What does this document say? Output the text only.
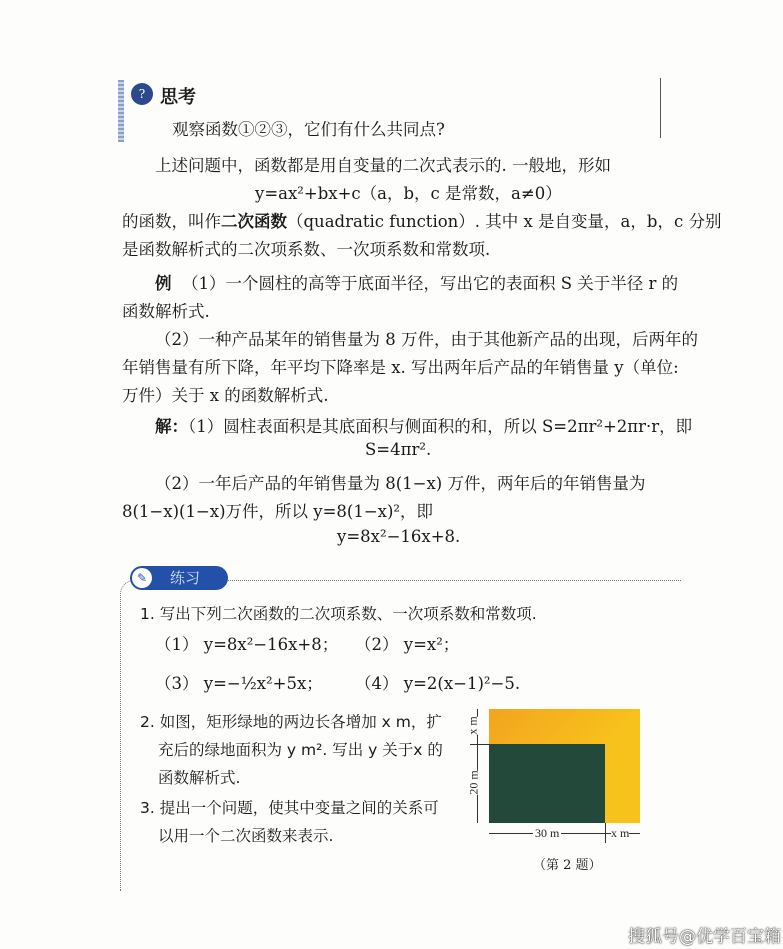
? 思考
观察函数①②③，它们有什么共同点?
上述问题中，函数都是用自变量的二次式表示的. 一般地，形如
y=ax²+bx+c（a，b，c 是常数，a≠0）
的函数，叫作二次函数（quadratic function）. 其中 x 是自变量，a，b，c 分别
是函数解析式的二次项系数、一次项系数和常数项.
例 （1）一个圆柱的高等于底面半径，写出它的表面积 S 关于半径 r 的
函数解析式.
（2）一种产品某年的销售量为 8 万件，由于其他新产品的出现，后两年的
年销售量有所下降，年平均下降率是 x. 写出两年后产品的年销售量 y（单位:
万件）关于 x 的函数解析式.
解：（1）圆柱表面积是其底面积与侧面积的和，所以 S=2πr²+2πr·r，即
S=4πr².
（2）一年后产品的年销售量为 8(1−x) 万件，两年后的年销售量为
8(1−x)(1−x)万件，所以 y=8(1−x)²，即
y=8x²−16x+8.
✎	练习
1. 写出下列二次函数的二次项系数、一次项系数和常数项.
（1） y=8x²−16x+8； （2） y=x²；
（3） y=−½x²+5x； （4） y=2(x−1)²−5.
2. 如图，矩形绿地的两边长各增加 x m，扩
充后的绿地面积为 y m². 写出 y 关于x 的
函数解析式.
3. 提出一个问题，使其中变量之间的关系可
以用一个二次函数来表示.
x m
20 m
30 m	x m
（第 2 题）
搜狐号@优学百宝箱
